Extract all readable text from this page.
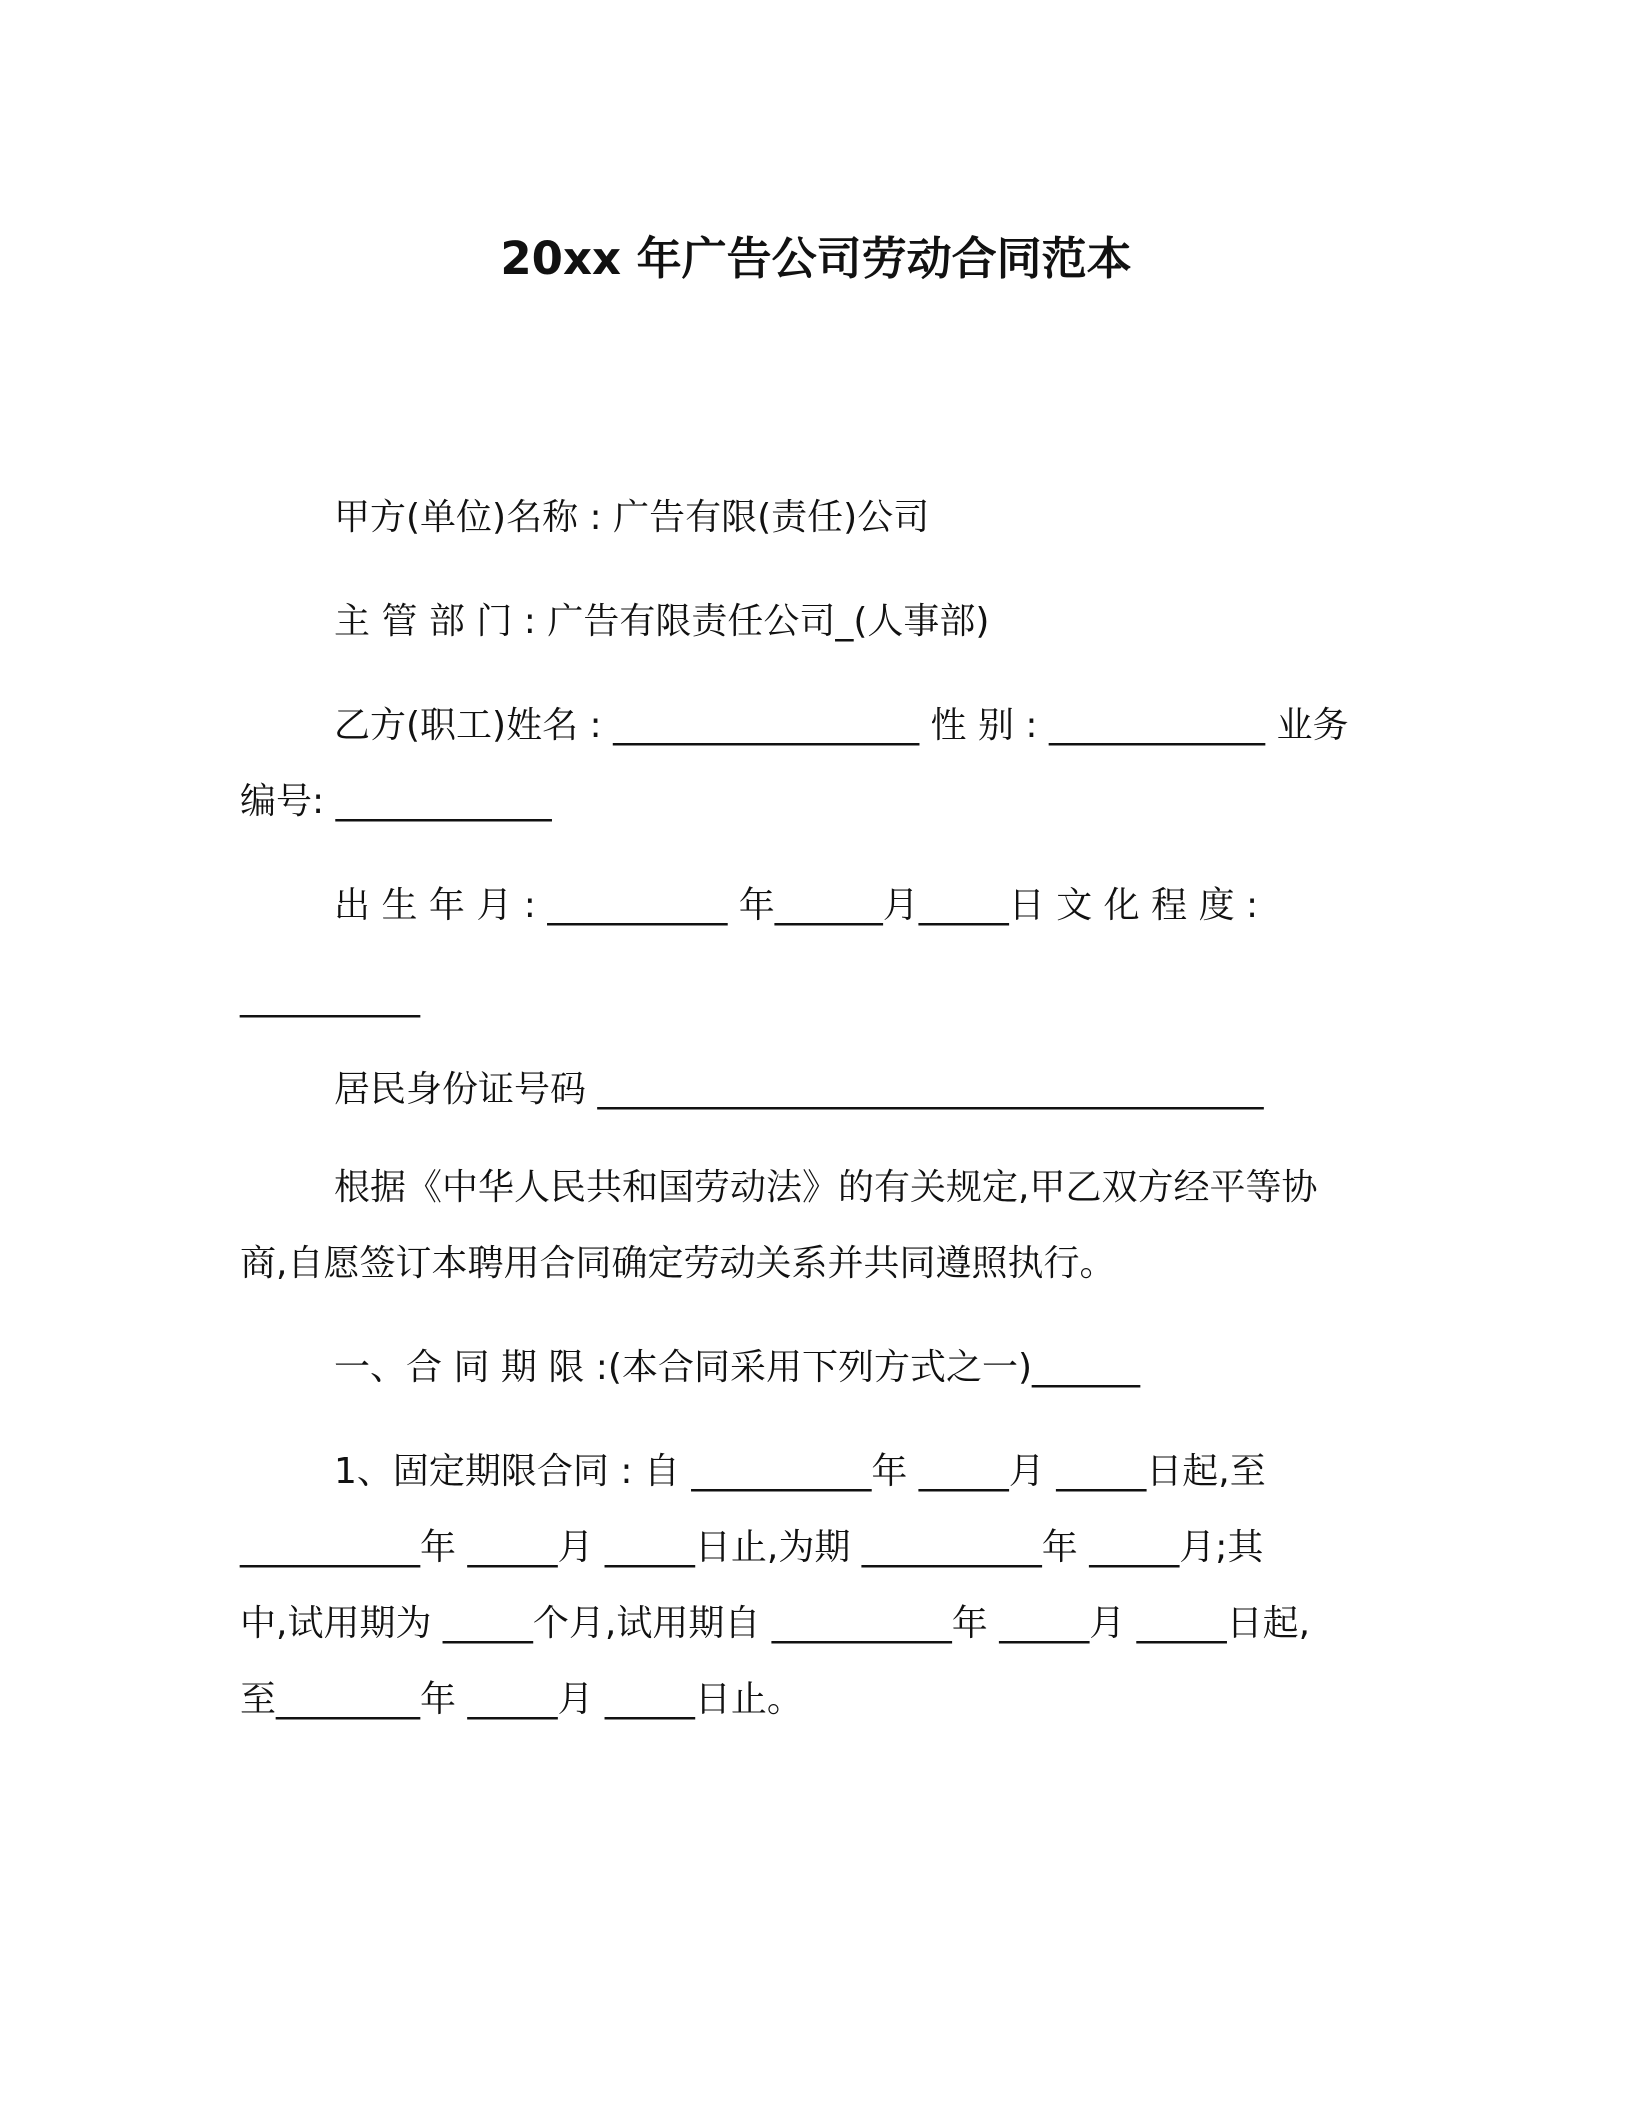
20xx 年广告公司劳动合同范本
甲方(单位)名称 : 广告有限(责任)公司
主 管 部 门 : 广告有限责任公司_(人事部)
乙方(职工)姓名 : _________________ 性 别 : ____________ 业务
编号: ____________
出 生 年 月 : __________ 年______月_____日 文 化 程 度 :
__________
居民身份证号码 _____________________________________
根据《中华人民共和国劳动法》的有关规定,甲乙双方经平等协
商,自愿签订本聘用合同确定劳动关系并共同遵照执行。
一、合 同 期 限 :(本合同采用下列方式之一)______
1、固定期限合同 : 自 __________年 _____月 _____日起,至
__________年 _____月 _____日止,为期 __________年 _____月;其
中,试用期为 _____个月,试用期自 __________年 _____月 _____日起,
至________年 _____月 _____日止。
